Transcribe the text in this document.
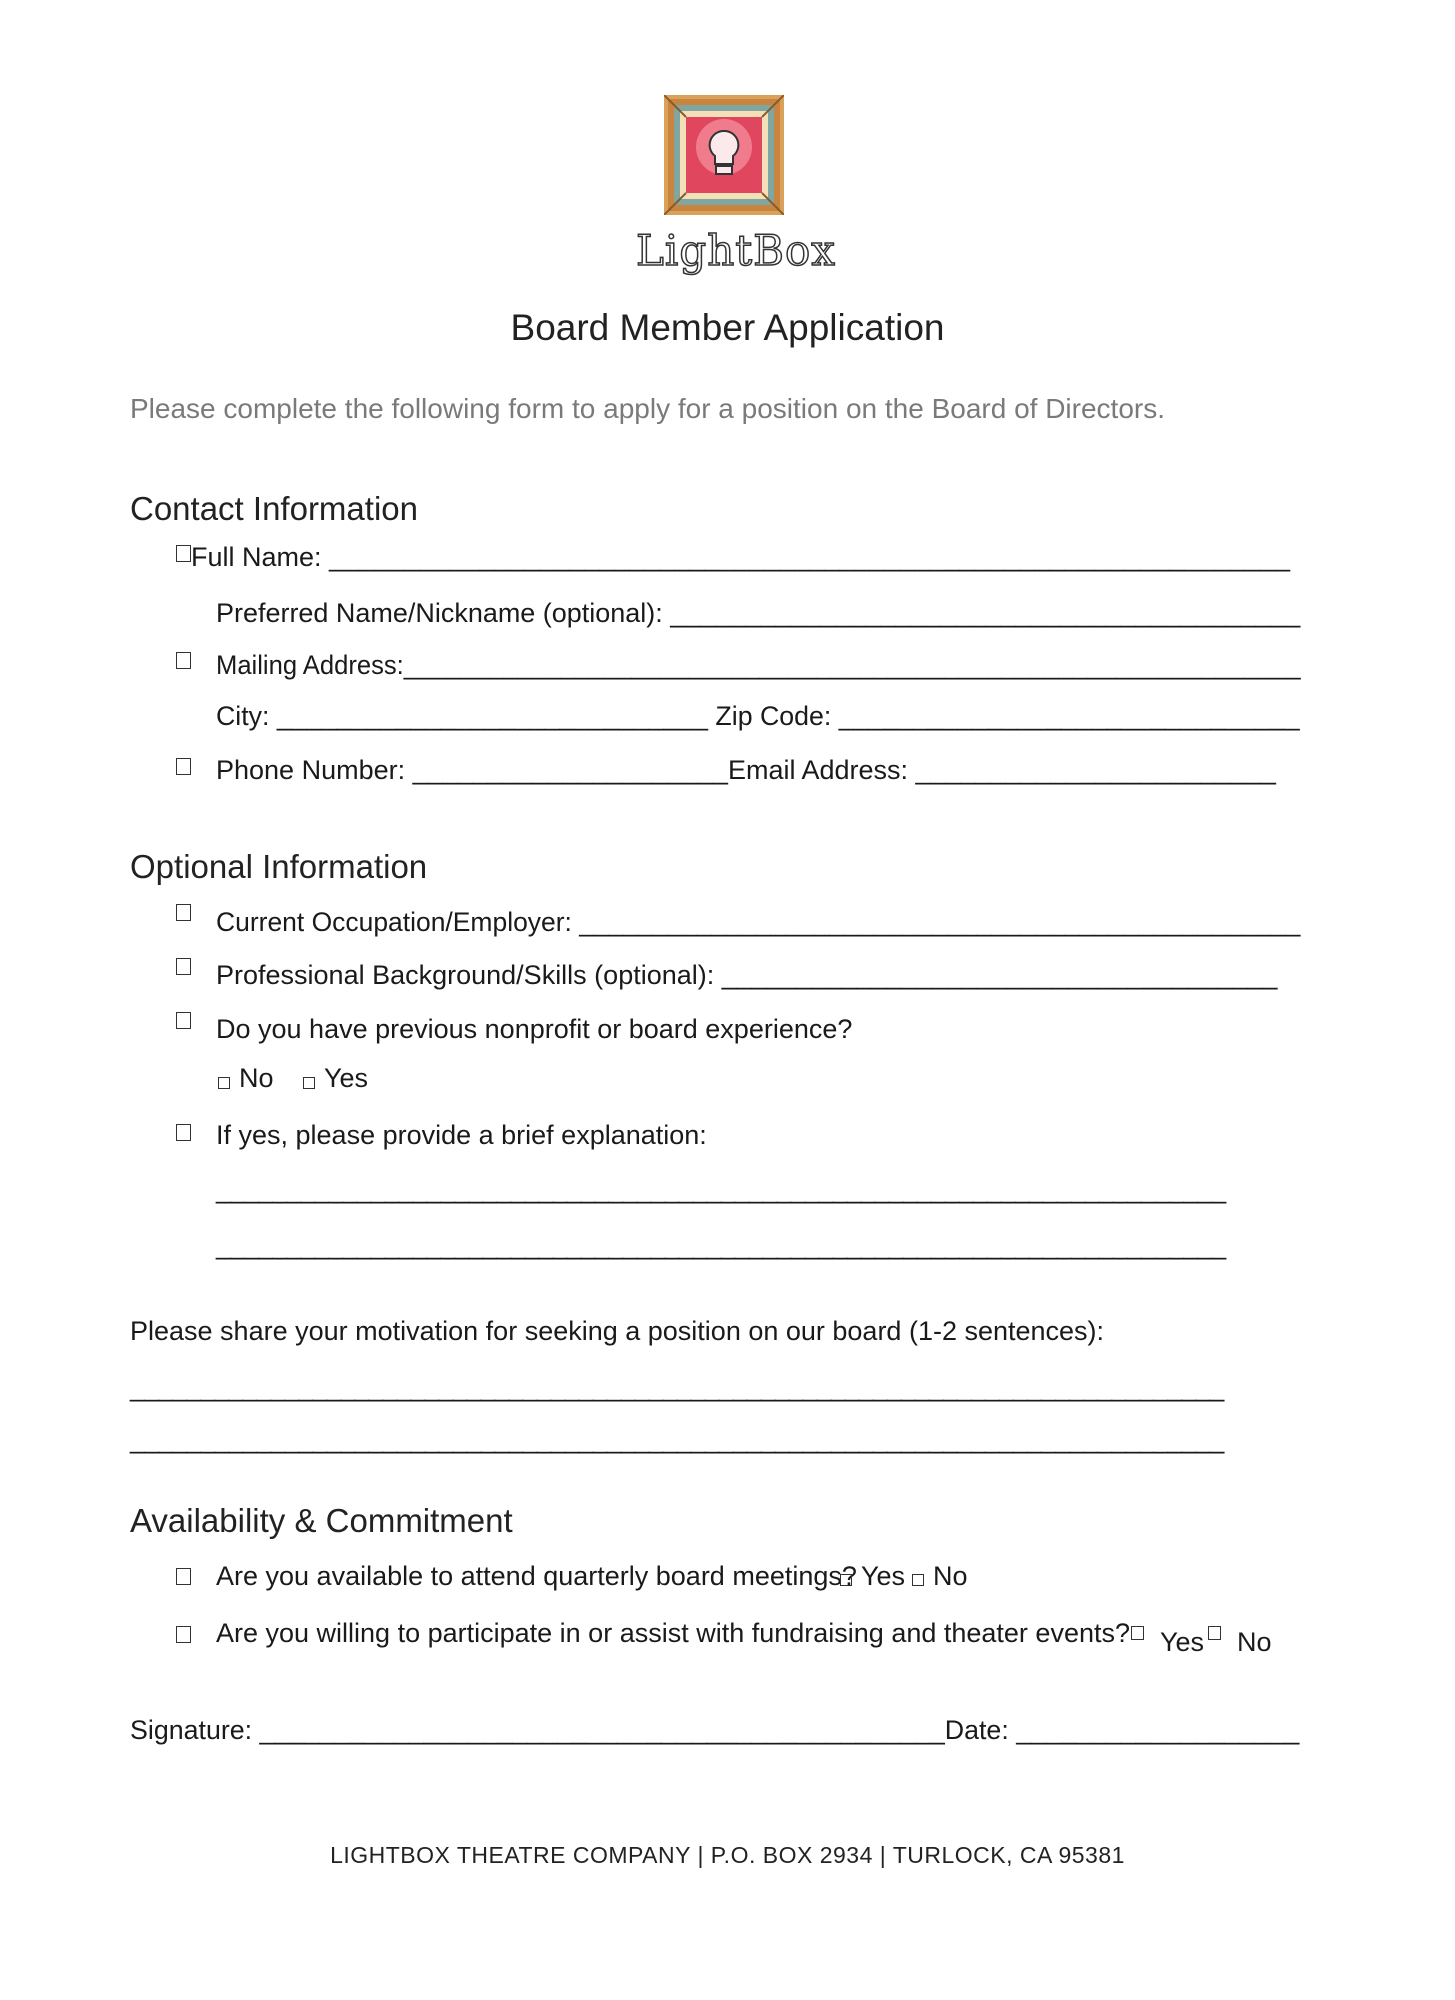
LightBox
Board Member Application
Please complete the following form to apply for a position on the Board of Directors.
Contact Information
Full Name: ________________________________________________________________
Preferred Name/Nickname (optional): __________________________________________
Mailing Address:_______________________________________________________________
City: _____________________________ Zip Code: _______________________________
Phone Number: _____________________Email Address: ________________________
Optional Information
Current Occupation/Employer: _________________________________________________
Professional Background/Skills (optional): _____________________________________
Do you have previous nonprofit or board experience?
No Yes
If yes, please provide a brief explanation:
________________________________________________________________________
________________________________________________________________________
Please share your motivation for seeking a position on our board (1-2 sentences):
______________________________________________________________________________
______________________________________________________________________________
Availability & Commitment
Are you available to attend quarterly board meetings? Yes No
Are you willing to participate in or assist with fundraising and theater events? Yes No
Signature: ______________________________________________Date: ___________________
LIGHTBOX THEATRE COMPANY | P.O. BOX 2934 | TURLOCK, CA 95381
